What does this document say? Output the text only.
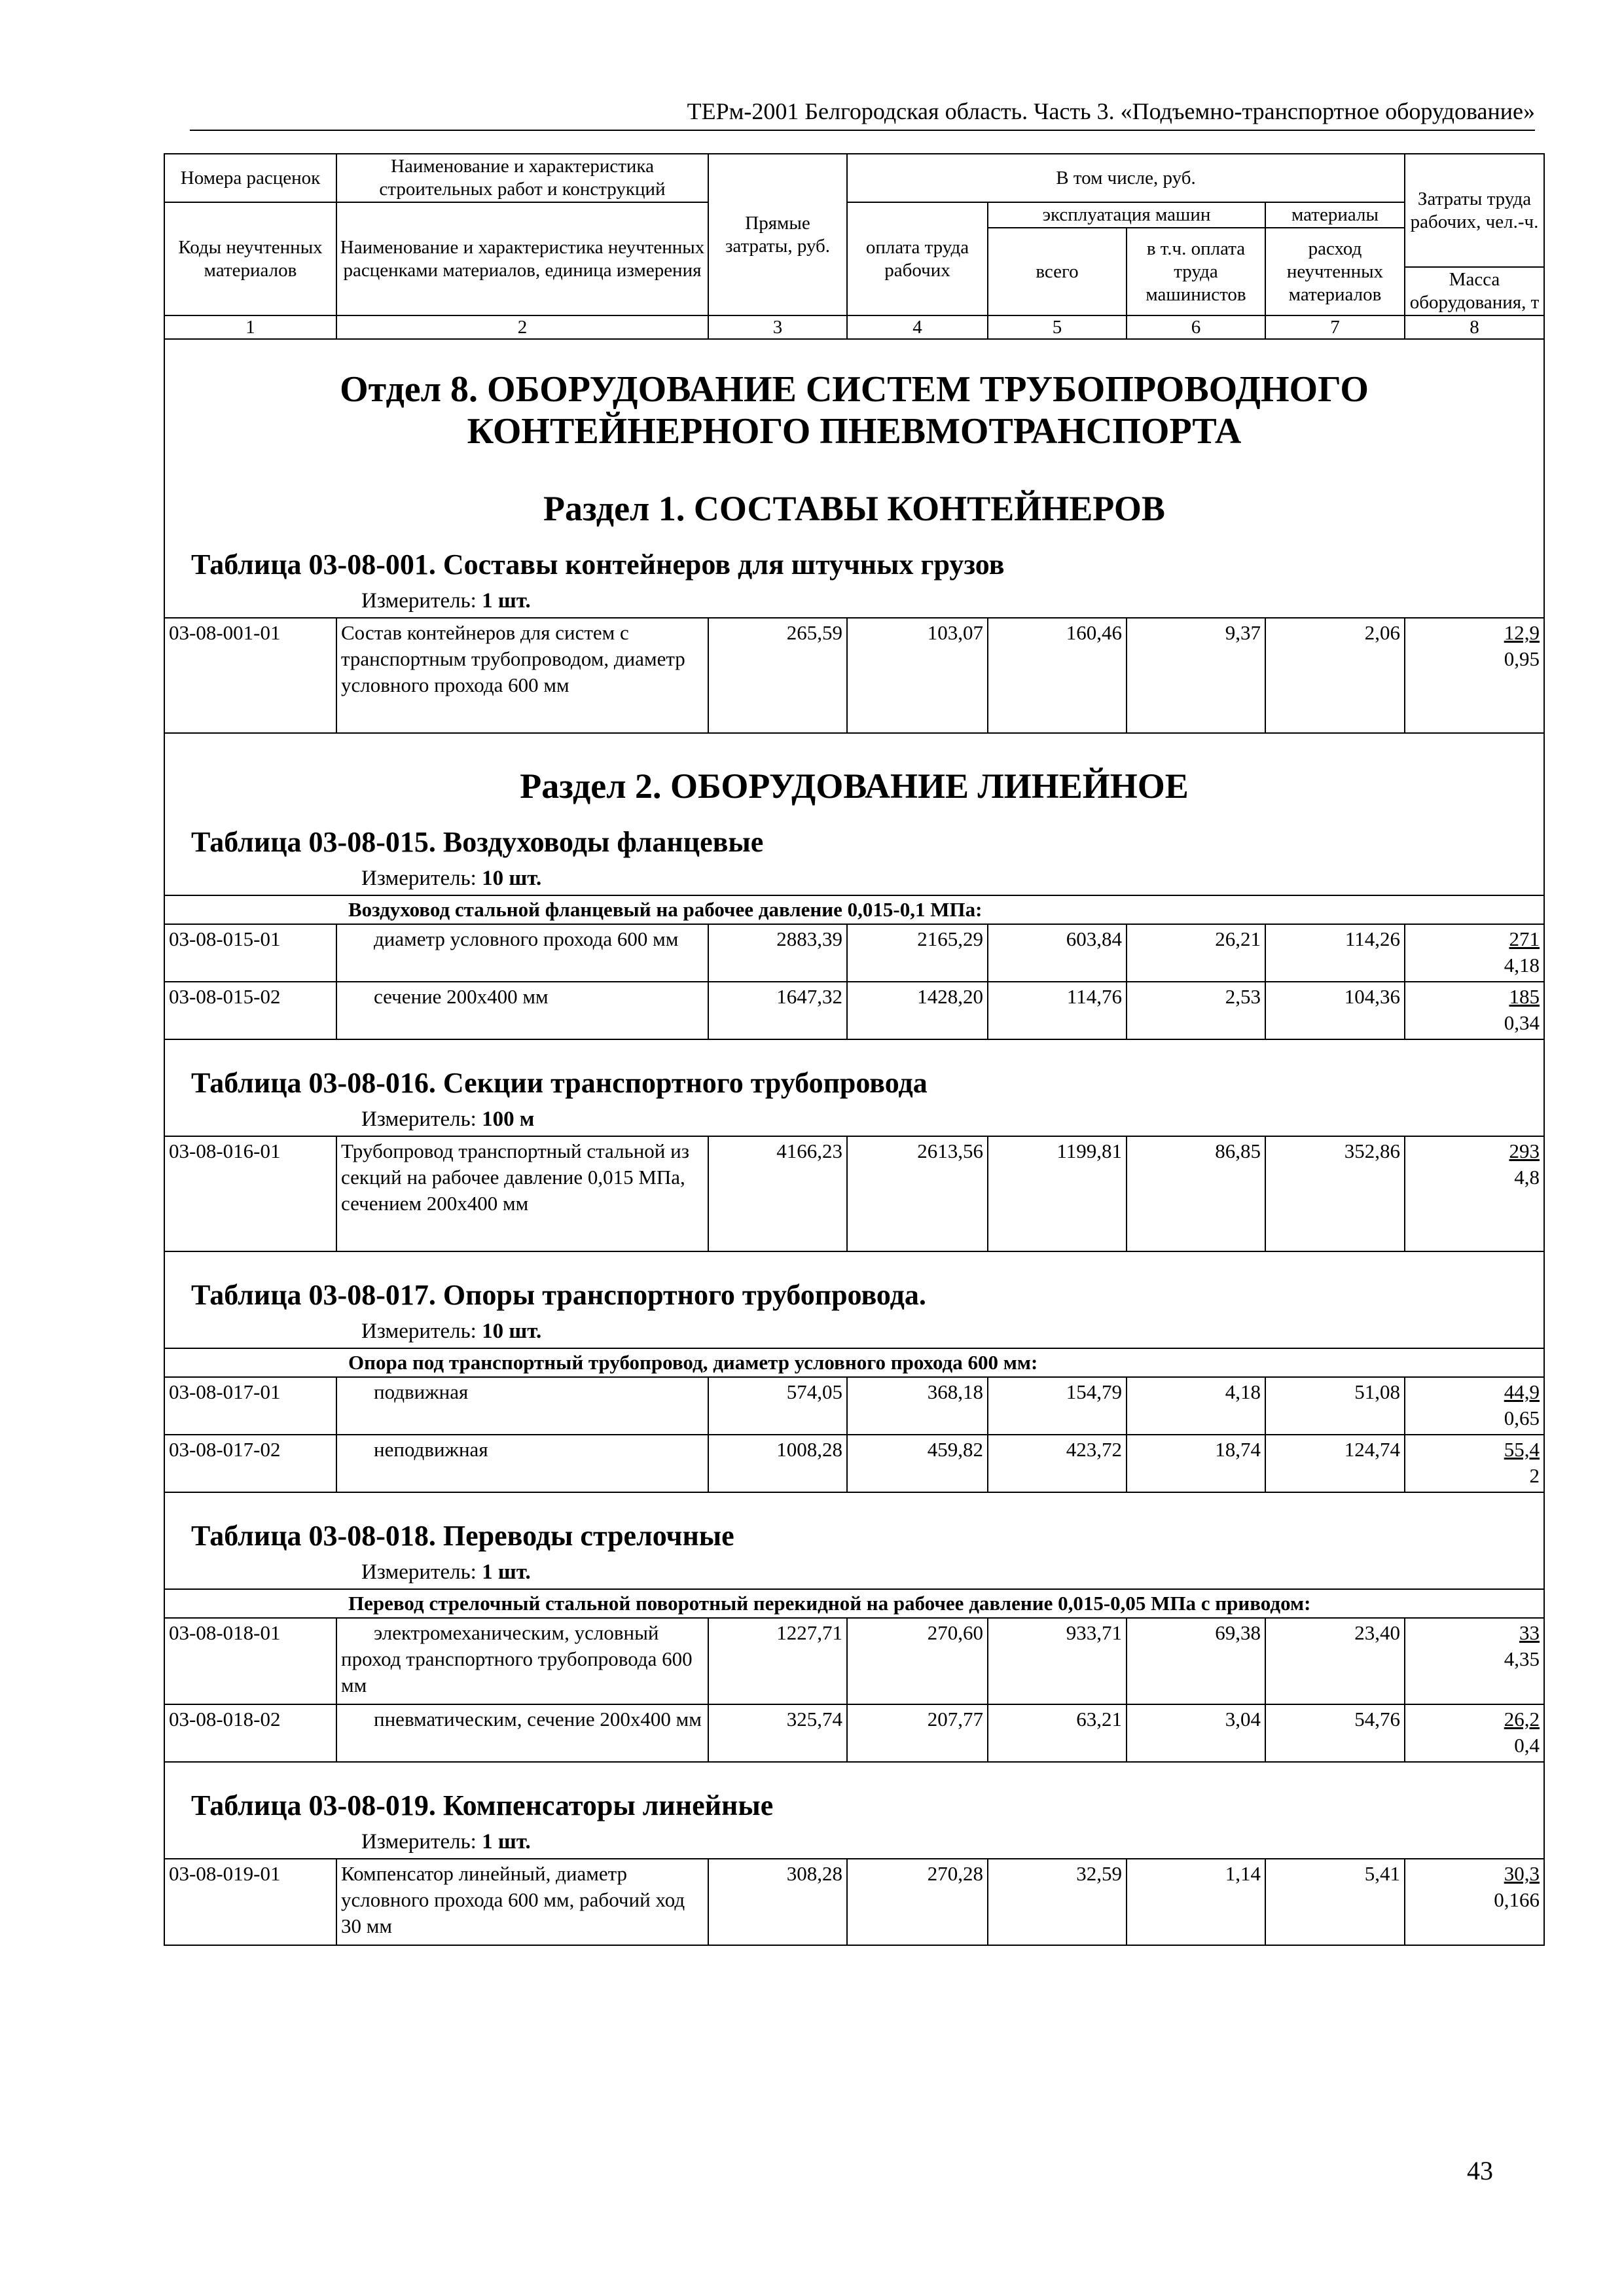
ТЕРм-2001 Белгородская область. Часть 3. «Подъемно-транспортное оборудование»
Номера расценок	Наименование и характеристика строительных работ и конструкций	Прямые затраты, руб.	В том числе, руб.				Затраты труда рабочих, чел.-ч.
Коды неучтенных материалов	Наименование и характеристика неучтенных расценками материалов, единица измерения		оплата труда рабочих	эксплуатация машин		материалы	
				всего	в т.ч. оплата труда машинистов	расход неучтенных материалов	
							Масса оборудования, т
1	2	3	4	5	6	7	8

Отдел 8. ОБОРУДОВАНИЕ СИСТЕМ ТРУБОПРОВОДНОГО КОНТЕЙНЕРНОГО ПНЕВМОТРАНСПОРТА
Раздел 1. СОСТАВЫ КОНТЕЙНЕРОВ
Таблица 03-08-001. Составы контейнеров для штучных грузов
Измеритель: 1 шт.							

03-08-001-01	Состав контейнеров для систем с транспортным трубопроводом, диаметр условного прохода 600 мм	265,59	103,07	160,46	9,37	2,06	12,9
0,95

Раздел 2. ОБОРУДОВАНИЕ ЛИНЕЙНОЕ
Таблица 03-08-015. Воздуховоды фланцевые
Измеритель: 10 шт.							

Воздуховод стальной фланцевый на рабочее давление 0,015-0,1 МПа:							
03-08-015-01	диаметр условного прохода 600 мм	2883,39	2165,29	603,84	26,21	114,26	271
4,18

03-08-015-02	сечение 200х400 мм	1647,32	1428,20	114,76	2,53	104,36	185
0,34

Таблица 03-08-016. Секции транспортного трубопровода
Измеритель: 100 м							

03-08-016-01	Трубопровод транспортный стальной из секций на рабочее давление 0,015 МПа, сечением 200х400 мм	4166,23	2613,56	1199,81	86,85	352,86	293
4,8

Таблица 03-08-017. Опоры транспортного трубопровода.
Измеритель: 10 шт.							

Опора под транспортный трубопровод, диаметр условного прохода 600 мм:							
03-08-017-01	подвижная	574,05	368,18	154,79	4,18	51,08	44,9
0,65

03-08-017-02	неподвижная	1008,28	459,82	423,72	18,74	124,74	55,4
2

Таблица 03-08-018. Переводы стрелочные
Измеритель: 1 шт.							

Перевод стрелочный стальной поворотный перекидной на рабочее давление 0,015-0,05 МПа с приводом:							
03-08-018-01	электромеханическим, условный проход транспортного трубопровода 600 мм	1227,71	270,60	933,71	69,38	23,40	33
4,35

03-08-018-02	пневматическим, сечение 200х400 мм	325,74	207,77	63,21	3,04	54,76	26,2
0,4

Таблица 03-08-019. Компенсаторы линейные
Измеритель: 1 шт.							

03-08-019-01	Компенсатор линейный, диаметр условного прохода 600 мм, рабочий ход 30 мм	308,28	270,28	32,59	1,14	5,41	30,3
0,166
43
